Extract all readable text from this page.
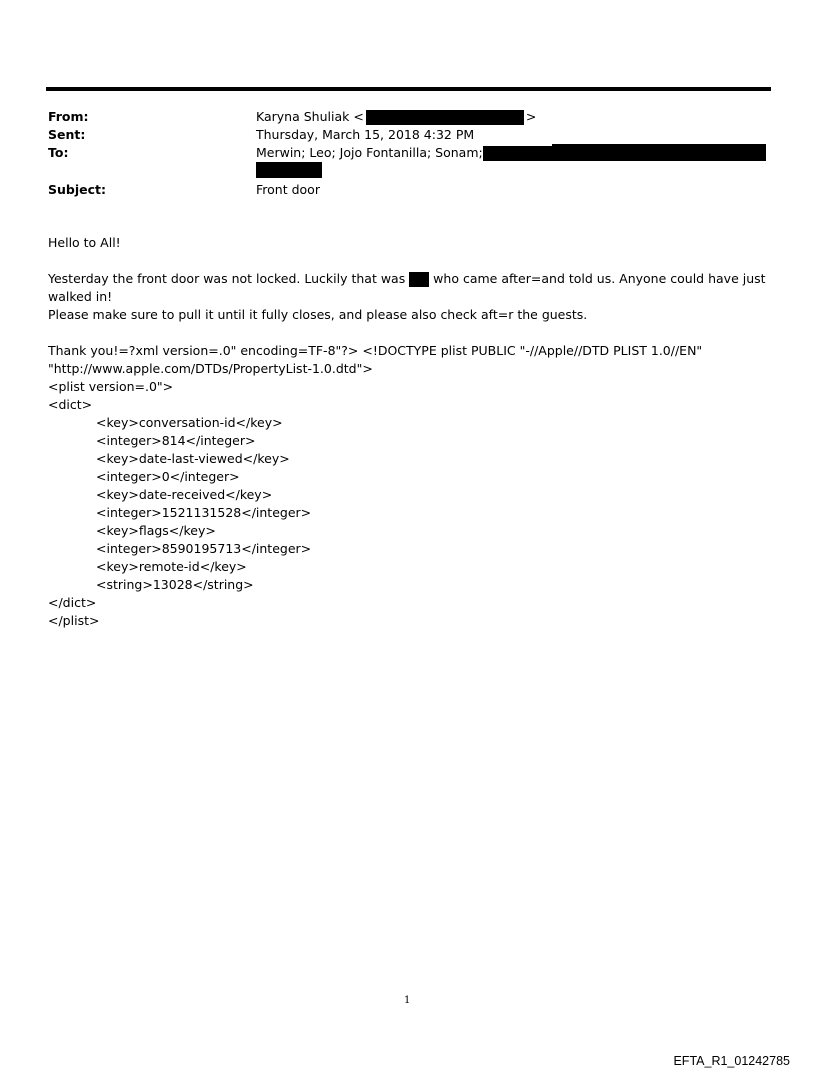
From:
Sent:
To:
Subject:
Karyna Shuliak <	>
Thursday, March 15, 2018 4:32 PM
Merwin; Leo; Jojo Fontanilla; Sonam;
Front door
Hello to All!
Yesterday the front door was not locked. Luckily that was  who came after=and told us. Anyone could have just
walked in!
Please make sure to pull it until it fully closes, and please also check aft=r the guests.
Thank you!=?xml version=.0" encoding=TF-8"?> <!DOCTYPE plist PUBLIC "-//Apple//DTD PLIST 1.0//EN"
"http://www.apple.com/DTDs/PropertyList-1.0.dtd">
<plist version=.0">
<dict>
<key>conversation-id</key>
<integer>814</integer>
<key>date-last-viewed</key>
<integer>0</integer>
<key>date-received</key>
<integer>1521131528</integer>
<key>flags</key>
<integer>8590195713</integer>
<key>remote-id</key>
<string>13028</string>
</dict>
</plist>
1
EFTA_R1_01242785
